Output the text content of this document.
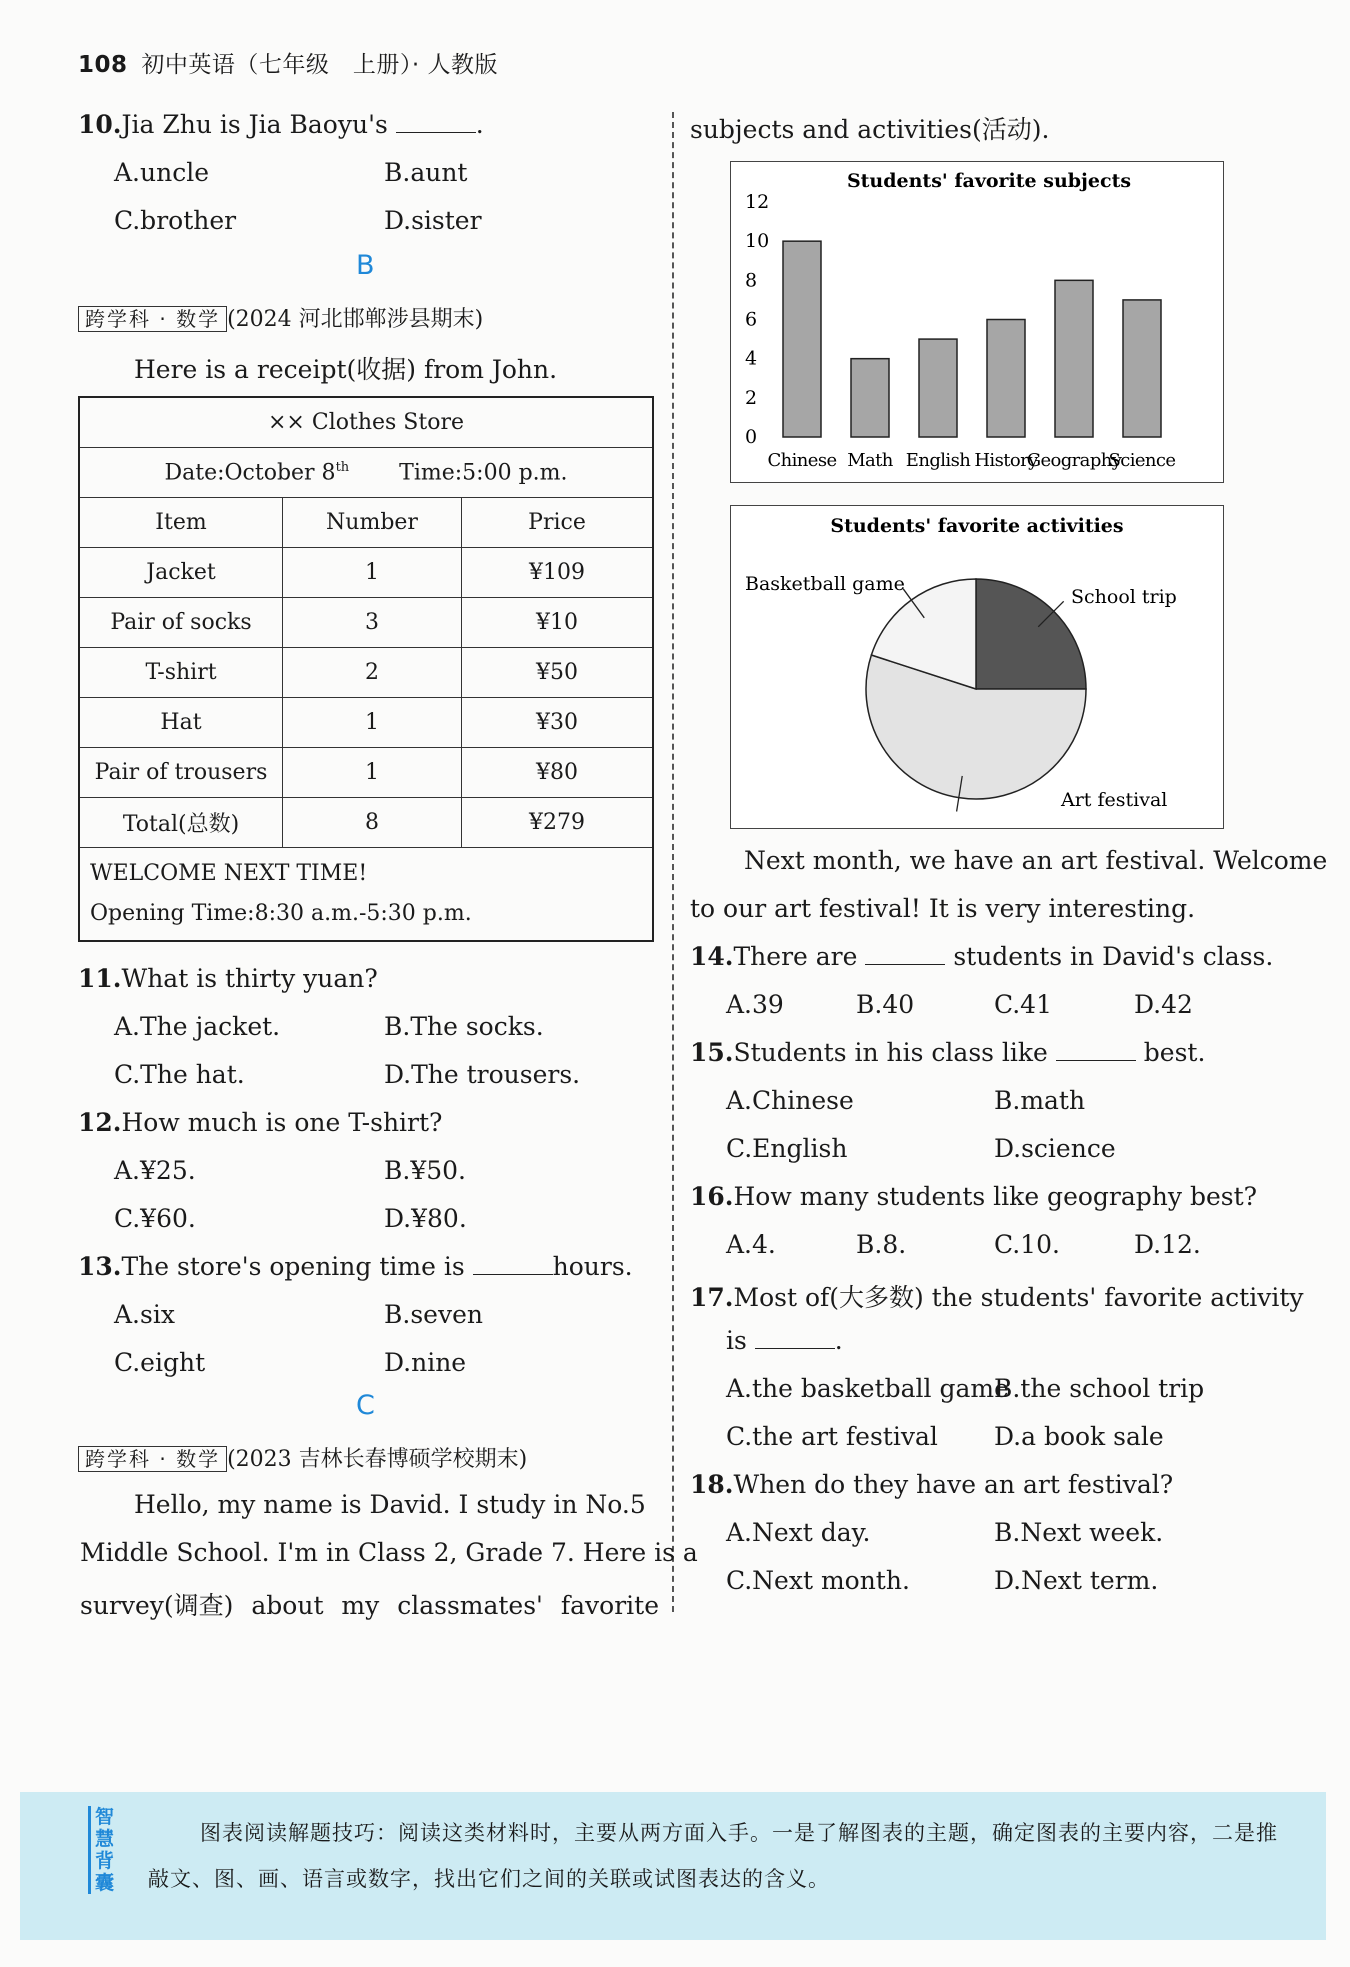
108 初中英语（七年级　上册）· 人教版
10.Jia Zhu is Jia Baoyu's	.
A.uncle	B.aunt
C.brother	D.sister
B
跨学科 · 数学 (2024 河北邯郸涉县期末)
Here is a receipt(收据) from John.
×× Clothes Store		
Date:October 8th Time:5:00 p.m.		
Item	Number	Price
Jacket	1	¥109
Pair of socks	3	¥10
T-shirt	2	¥50
Hat	1	¥30
Pair of trousers	1	¥80
Total(总数)	8	¥279

WELCOME NEXT TIME!
Opening Time:8:30 a.m.-5:30 p.m.		
11.What is thirty yuan?
A.The jacket.	B.The socks.
C.The hat.	D.The trousers.
12.How much is one T-shirt?
A.¥25.	B.¥50.
C.¥60.	D.¥80.
13.The store's opening time is	hours.
A.six	B.seven
C.eight	D.nine
C
跨学科 · 数学 (2023 吉林长春博硕学校期末)
Hello, my name is David. I study in No.5
Middle School. I'm in Class 2, Grade 7. Here is a
survey(调查) about my classmates' favorite
subjects and activities(活动).
Students' favorite subjects
0
2
4
6
8
10
12
Chinese Math English History
Geography
Science
Students' favorite activities
School trip
Art festival
Basketball game
Next month, we have an art festival. Welcome
to our art festival! It is very interesting.
14.There are	students in David's class.
A.39	B.40	C.41	D.42
15.Students in his class like	best.
A.Chinese	B.math
C.English	D.science
16.How many students like geography best?
A.4.	B.8.	C.10.	D.12.
17.Most of(大多数) the students' favorite activity
is	.
A.the basketball game
B.the school trip
C.the art festival D.a book sale
18.When do they have an art festival?
A.Next day.	B.Next week.
C.Next month.	D.Next term.
智慧背囊
图表阅读解题技巧：阅读这类材料时，主要从两方面入手。一是了解图表的主题，确定图表的主要内容，二是推敲文、图、画、语言或数字，找出它们之间的关联或试图表达的含义。
